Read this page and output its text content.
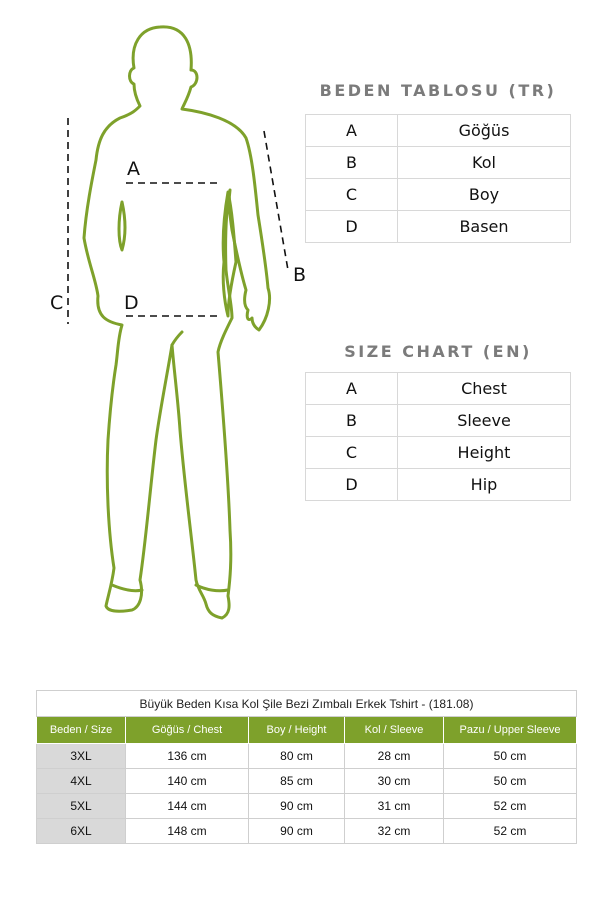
A
B
C	D
BEDEN TABLOSU (TR)
A	Göğüs
B	Kol
C	Boy
D	Basen
SIZE CHART (EN)
A	Chest
B	Sleeve
C	Height
D	Hip
Büyük Beden Kısa Kol Şile Bezi Zımbalı Erkek Tshirt - (181.08)				
Beden / Size	Göğüs / Chest	Boy / Height	Kol / Sleeve	Pazu / Upper Sleeve
3XL	136 cm	80 cm	28 cm	50 cm
4XL	140 cm	85 cm	30 cm	50 cm
5XL	144 cm	90 cm	31 cm	52 cm
6XL	148 cm	90 cm	32 cm	52 cm
